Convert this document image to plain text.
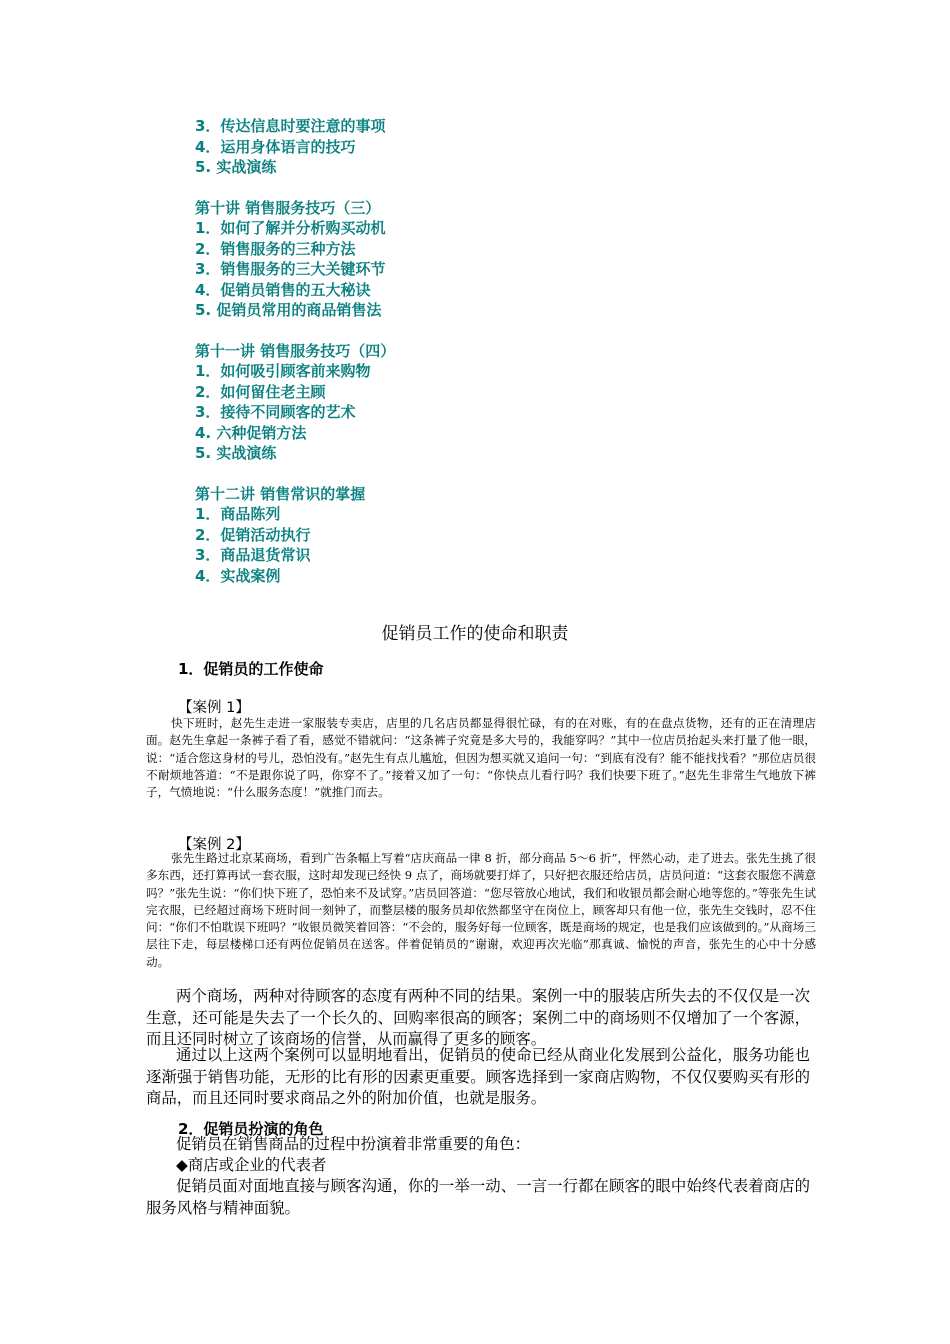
3．传达信息时要注意的事项
4．运用身体语言的技巧
5. 实战演练
第十讲 销售服务技巧（三）
1．如何了解并分析购买动机
2．销售服务的三种方法
3．销售服务的三大关键环节
4．促销员销售的五大秘诀
5. 促销员常用的商品销售法
第十一讲 销售服务技巧（四）
1．如何吸引顾客前来购物
2．如何留住老主顾
3．接待不同顾客的艺术
4. 六种促销方法
5. 实战演练
第十二讲 销售常识的掌握
1．商品陈列
2．促销活动执行
3．商品退货常识
4．实战案例
促销员工作的使命和职责
1．促销员的工作使命
【案例 1】

快下班时，赵先生走进一家服装专卖店，店里的几名店员都显得很忙碌，有的在对账，有的在盘点货物，还有的正在清理店面。赵先生拿起一条裤子看了看，感觉不错就问：“这条裤子究竟是多大号的，我能穿吗？”其中一位店员抬起头来打量了他一眼，说：“适合您这身材的号儿，恐怕没有。”赵先生有点儿尴尬，但因为想买就又追问一句：“到底有没有？能不能找找看？”那位店员很不耐烦地答道：“不是跟你说了吗，你穿不了。”接着又加了一句：“你快点儿看行吗？我们快要下班了。”赵先生非常生气地放下裤子，气愤地说：“什么服务态度！”就推门而去。

【案例 2】

张先生路过北京某商场，看到广告条幅上写着“店庆商品一律 8 折，部分商品 5～6 折”，怦然心动，走了进去。张先生挑了很多东西，还打算再试一套衣服，这时却发现已经快 9 点了，商场就要打烊了，只好把衣服还给店员，店员问道：“这套衣服您不满意吗？”张先生说：“你们快下班了，恐怕来不及试穿。”店员回答道：“您尽管放心地试，我们和收银员都会耐心地等您的。”等张先生试完衣服，已经超过商场下班时间一刻钟了，而整层楼的服务员却依然都坚守在岗位上，顾客却只有他一位，张先生交钱时，忍不住问：“你们不怕耽误下班吗？”收银员微笑着回答：“不会的，服务好每一位顾客，既是商场的规定，也是我们应该做到的。”从商场三层往下走，每层楼梯口还有两位促销员在送客。伴着促销员的“谢谢，欢迎再次光临”那真诚、愉悦的声音，张先生的心中十分感动。

两个商场，两种对待顾客的态度有两种不同的结果。案例一中的服装店所失去的不仅仅是一次生意，还可能是失去了一个长久的、回购率很高的顾客；案例二中的商场则不仅增加了一个客源，而且还同时树立了该商场的信誉，从而赢得了更多的顾客。

通过以上这两个案例可以显明地看出，促销员的使命已经从商业化发展到公益化，服务功能也逐渐强于销售功能，无形的比有形的因素更重要。顾客选择到一家商店购物，不仅仅要购买有形的商品，而且还同时要求商品之外的附加价值，也就是服务。

2．促销员扮演的角色

促销员在销售商品的过程中扮演着非常重要的角色：

◆商店或企业的代表者

促销员面对面地直接与顾客沟通，你的一举一动、一言一行都在顾客的眼中始终代表着商店的服务风格与精神面貌。
